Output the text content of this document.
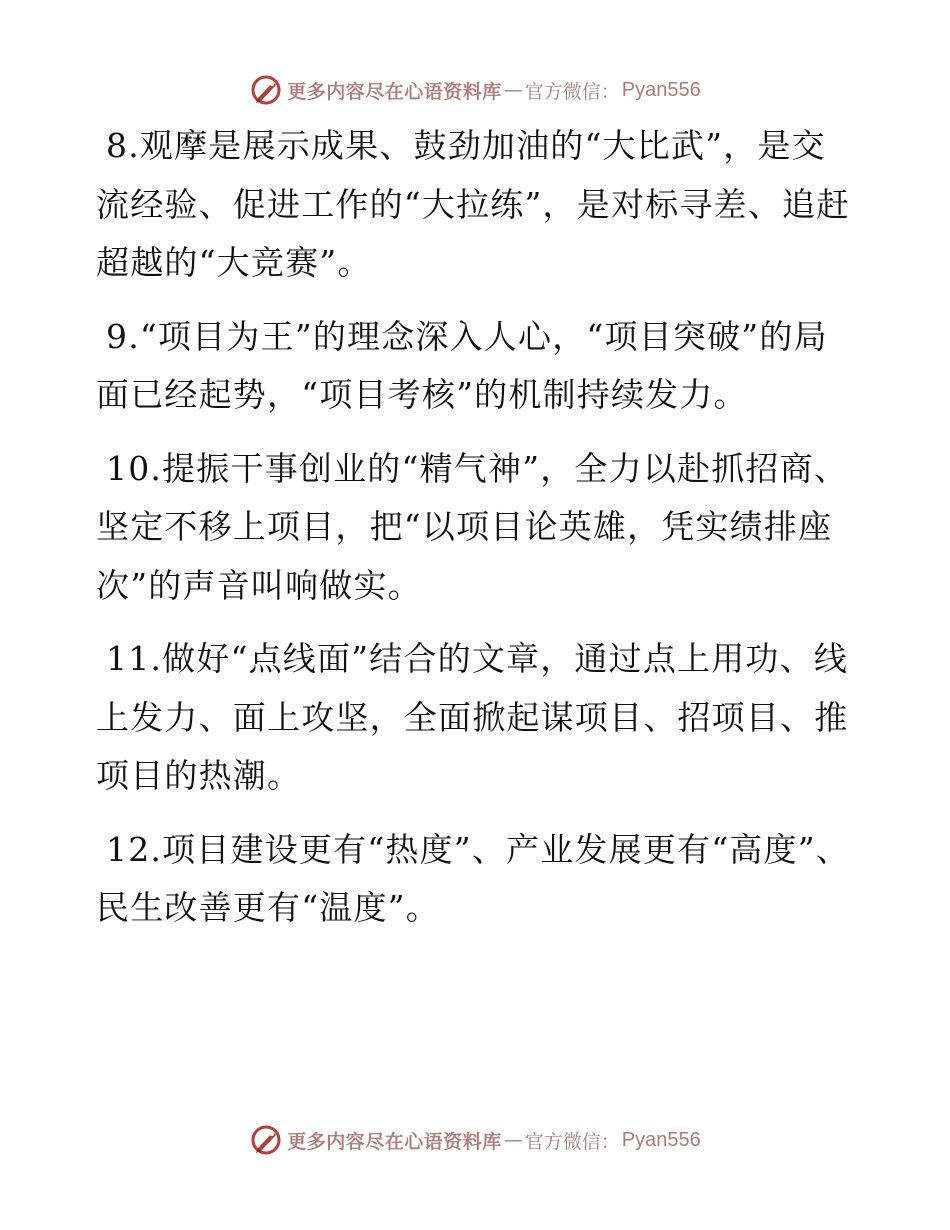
更多内容尽在心语资料库 — 官方微信： Pyan556

8.观摩是展示成果、鼓劲加油的“大比武”，是交流经验、促进工作的“大拉练”，是对标寻差、追赶超越的“大竞赛”。

9.“项目为王”的理念深入人心，“项目突破”的局面已经起势，“项目考核”的机制持续发力。

10.提振干事创业的“精气神”，全力以赴抓招商、坚定不移上项目，把“以项目论英雄，凭实绩排座次”的声音叫响做实。

11.做好“点线面”结合的文章，通过点上用功、线上发力、面上攻坚，全面掀起谋项目、招项目、推项目的热潮。

12.项目建设更有“热度”、产业发展更有“高度”、民生改善更有“温度”。

更多内容尽在心语资料库 — 官方微信： Pyan556
